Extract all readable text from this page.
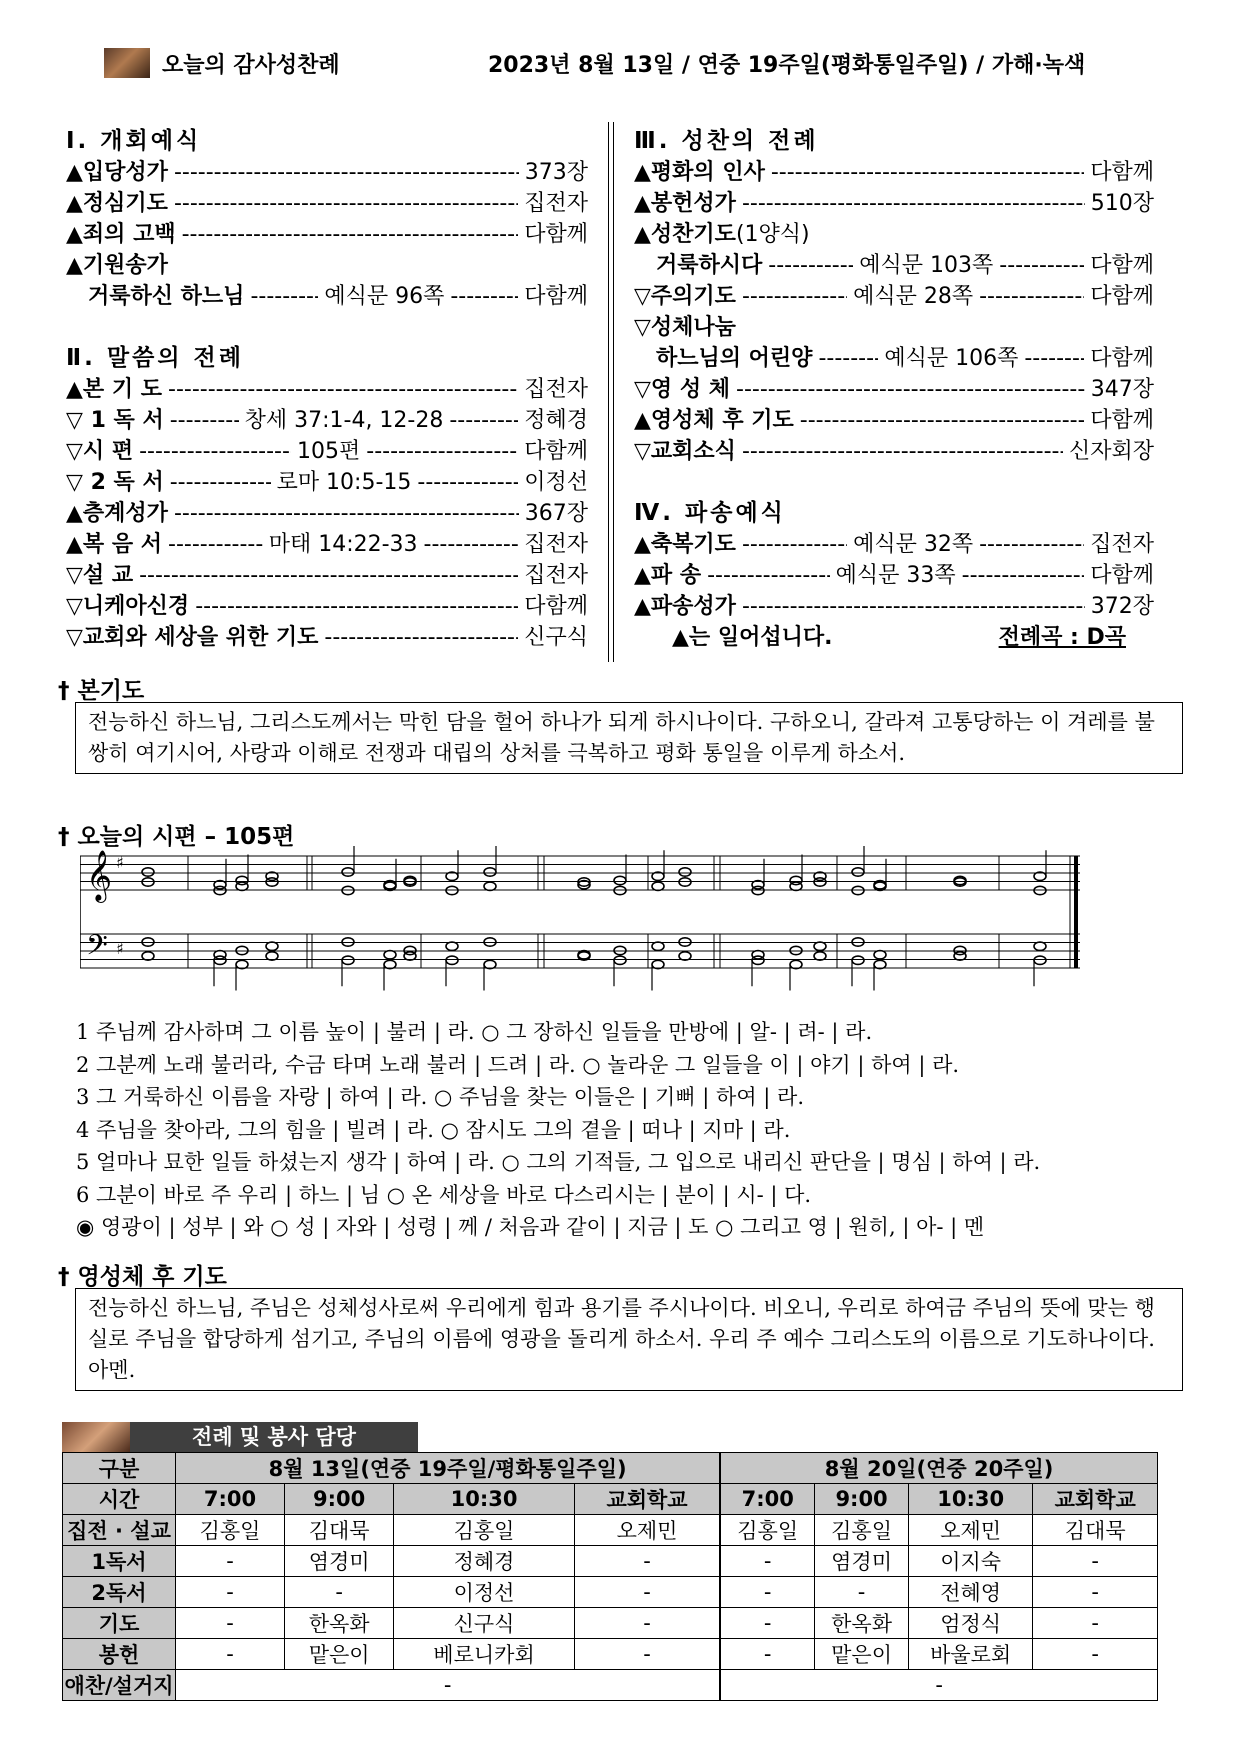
오늘의 감사성찬례	2023년 8월 13일 / 연중 19주일(평화통일주일) / 가해·녹색
Ⅰ. 개회예식
▲입당성가 -----	373장
▲정심기도 -----	집전자
▲죄의 고백 -----	다함께
▲기원송가
거룩하신 하느님 -----	예식문 96쪽 -----	다함께
Ⅱ. 말씀의 전례
▲본 기 도 -----	집전자
▽ 1 독 서 -----	창세 37:1-4, 12-28 -----	정혜경
▽시 편 -----	105편 -----	다함께
▽ 2 독 서 -----	로마 10:5-15 -----	이정선
▲층계성가 -----	367장
▲복 음 서 -----	마태 14:22-33 -----	집전자
▽설 교 -----	집전자
▽니케아신경 -----	다함께
▽교회와 세상을 위한 기도 -----	신구식
Ⅲ. 성찬의 전례
▲평화의 인사 -----	다함께
▲봉헌성가 -----	510장
▲성찬기도 (1양식)
거룩하시다 -----	예식문 103쪽 -----	다함께
▽주의기도 -----	예식문 28쪽 -----	다함께
▽성체나눔
하느님의 어린양 -----	예식문 106쪽 -----	다함께
▽영 성 체 -----	347장
▲영성체 후 기도 -----	다함께
▽교회소식 -----	신자회장
Ⅳ. 파송예식
▲축복기도 -----	예식문 32쪽 -----	집전자
▲파 송 -----	예식문 33쪽 -----	다함께
▲파송성가 -----	372장
▲는 일어섭니다.	전례곡 : D곡
† 본기도
전능하신 하느님, 그리스도께서는 막힌 담을 헐어 하나가 되게 하시나이다. 구하오니, 갈라져 고통당하는 이 겨레를 불쌍히 여기시어, 사랑과 이해로 전쟁과 대립의 상처를 극복하고 평화 통일을 이루게 하소서.
† 오늘의 시편 – 105편
𝄞
𝄢
♯
♯
1 주님께 감사하며 그 이름 높이 | 불러 | 라. ○ 그 장하신 일들을 만방에 | 알- | 려- | 라.
2 그분께 노래 불러라, 수금 타며 노래 불러 | 드려 | 라. ○ 놀라운 그 일들을 이 | 야기 | 하여 | 라.
3 그 거룩하신 이름을 자랑 | 하여 | 라. ○ 주님을 찾는 이들은 | 기뻐 | 하여 | 라.
4 주님을 찾아라, 그의 힘을 | 빌려 | 라. ○ 잠시도 그의 곁을 | 떠나 | 지마 | 라.
5 얼마나 묘한 일들 하셨는지 생각 | 하여 | 라. ○ 그의 기적들, 그 입으로 내리신 판단을 | 명심 | 하여 | 라.
6 그분이 바로 주 우리 | 하느 | 님 ○ 온 세상을 바로 다스리시는 | 분이 | 시- | 다.
◉ 영광이 | 성부 | 와 ○ 성 | 자와 | 성령 | 께 / 처음과 같이 | 지금 | 도 ○ 그리고 영 | 원히, | 아- | 멘
† 영성체 후 기도
전능하신 하느님, 주님은 성체성사로써 우리에게 힘과 용기를 주시나이다. 비오니, 우리로 하여금 주님의 뜻에 맞는 행실로 주님을 합당하게 섬기고, 주님의 이름에 영광을 돌리게 하소서. 우리 주 예수 그리스도의 이름으로 기도하나이다. 아멘.
전례 및 봉사 담당
구분	8월 13일(연중 19주일/평화통일주일)				8월 20일(연중 20주일)			
시간	7:00	9:00	10:30	교회학교	7:00	9:00	10:30	교회학교
집전 · 설교	김홍일	김대묵	김홍일	오제민	김홍일	김홍일	오제민	김대묵
1독서	-	염경미	정혜경	-	-	염경미	이지숙	-
2독서	-	-	이정선	-	-	-	전혜영	-
기도	-	한옥화	신구식	-	-	한옥화	엄정식	-
봉헌	-	맡은이	베로니카회	-	-	맡은이	바울로회	-
애찬/설거지	-				-			
